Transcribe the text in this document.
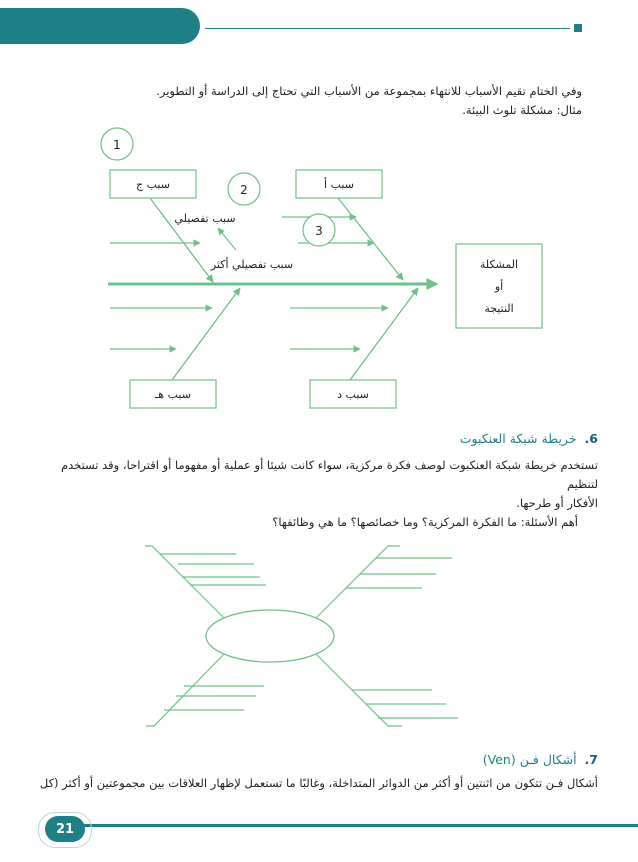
وفي الختام تقيم الأسباب للانتهاء بمجموعة من الأسباب التي تحتاج إلى الدراسة أو التطوير.
مثال: مشكلة تلوث البيئة.
سبب ج	سبب أ
سبب هـ	سبب د
المشكلة
أو
النتيجة
سبب تفصيلي
سبب تفصيلي أكثر
1
2
3
6. خريطة شبكة العنكبوت
تستخدم خريطة شبكة العنكبوت لوصف فكرة مركزية، سواء كانت شيئا أو عملية أو مفهوما أو اقتراحا، وقد تستخدم لتنظيم
الأفكار أو طرحها.
أهم الأسئلة: ما الفكرة المركزية؟ وما خصائصها؟ ما هي وظائفها؟
7. أشكال فـن (Ven)
أشكال فـن تتكون من اثنتين أو أكثر من الدوائر المتداخلة، وغالبًا ما تستعمل لإظهار العلاقات بين مجموعتين أو أكثر (كل
21
